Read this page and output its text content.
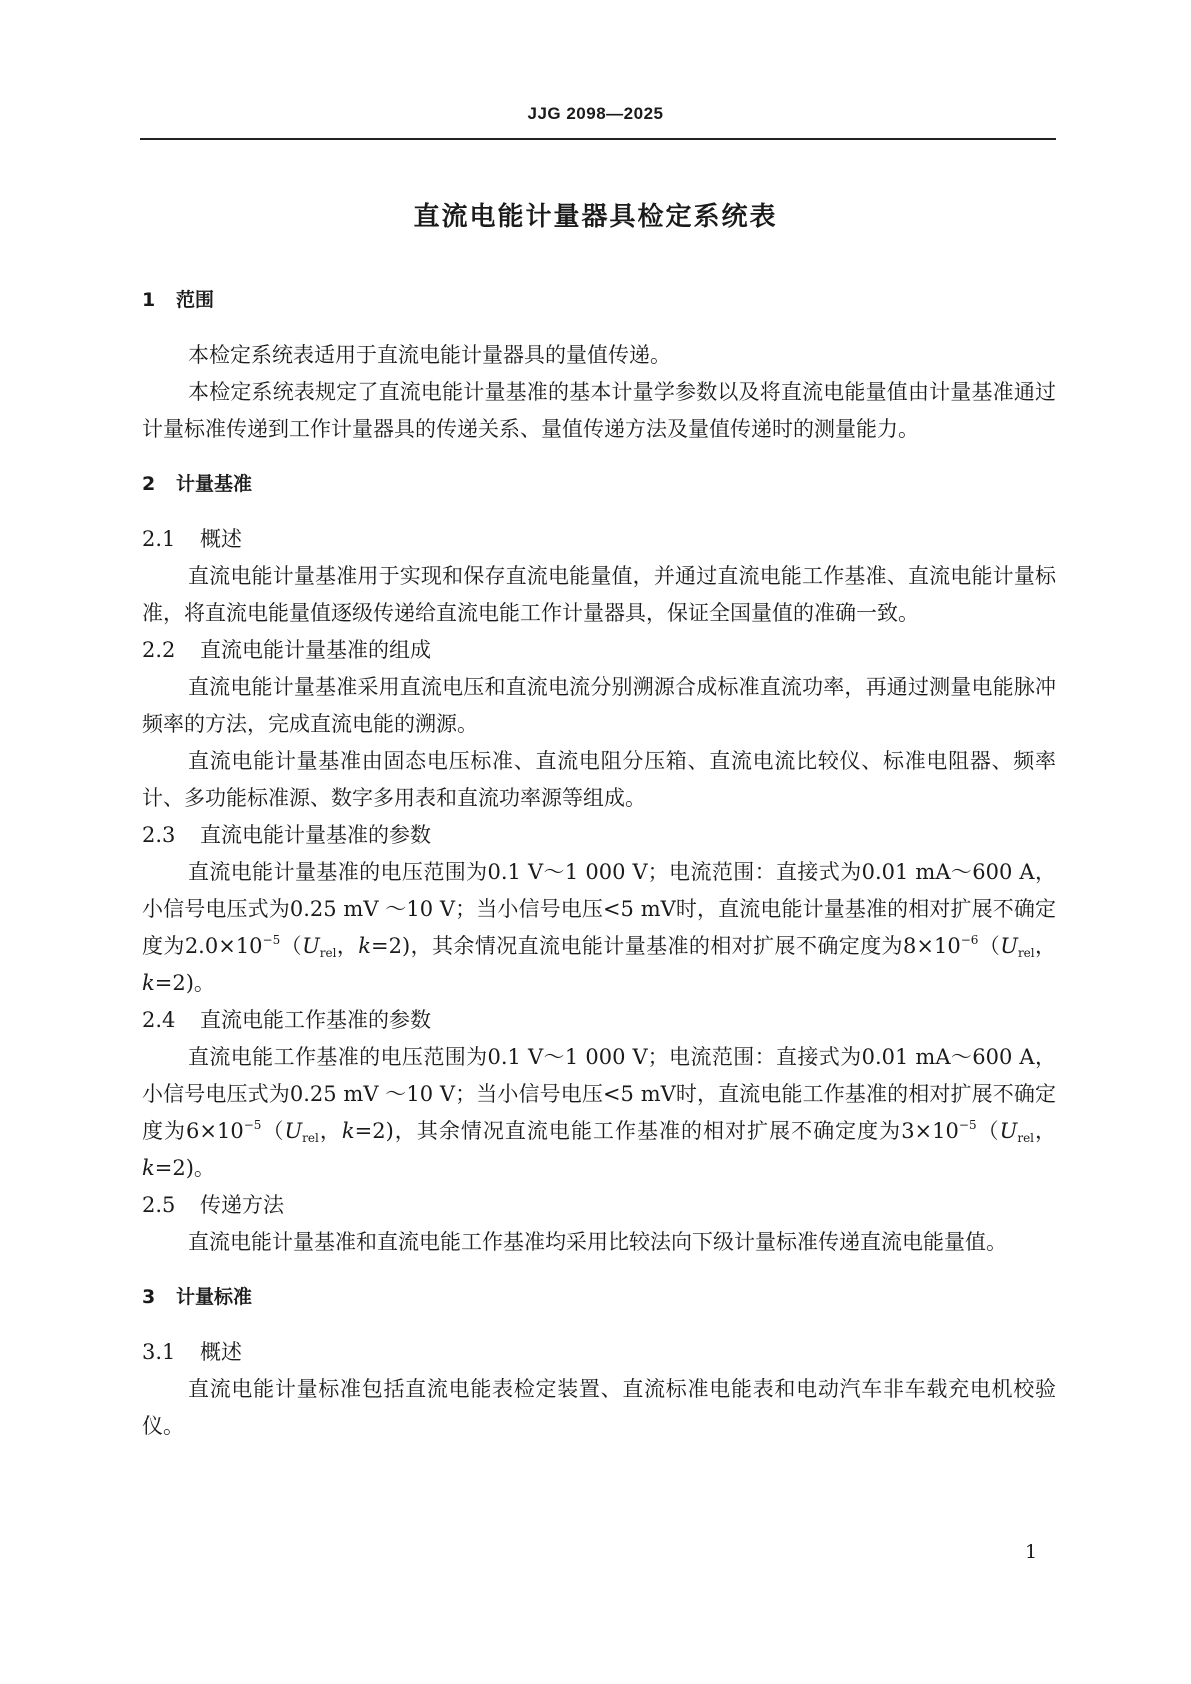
JJG 2098—2025
直流电能计量器具检定系统表

1 范围

本检定系统表适用于直流电能计量器具的量值传递。

本检定系统表规定了直流电能计量基准的基本计量学参数以及将直流电能量值由计量基准通过计量标准传递到工作计量器具的传递关系、量值传递方法及量值传递时的测量能力。

2 计量基准

2.1 概述

直流电能计量基准用于实现和保存直流电能量值，并通过直流电能工作基准、直流电能计量标准，将直流电能量值逐级传递给直流电能工作计量器具，保证全国量值的准确一致。

2.2 直流电能计量基准的组成

直流电能计量基准采用直流电压和直流电流分别溯源合成标准直流功率，再通过测量电能脉冲频率的方法，完成直流电能的溯源。

直流电能计量基准由固态电压标准、直流电阻分压箱、直流电流比较仪、标准电阻器、频率计、多功能标准源、数字多用表和直流功率源等组成。

2.3 直流电能计量基准的参数

直流电能计量基准的电压范围为0.1 V～1 000 V；电流范围：直接式为0.01 mA～600 A，小信号电压式为0.25 mV ～10 V；当小信号电压<5 mV时，直流电能计量基准的相对扩展不确定度为$2.0\times 10^{-5}(U_{rel}$，k=2)，其余情况直流电能计量基准的相对扩展不确定度为$8\times 10^{-6}(U_{rel}$，k=2)。

2.4 直流电能工作基准的参数

直流电能工作基准的电压范围为0.1 V～1 000 V；电流范围：直接式为0.01 mA～600 A，小信号电压式为0.25 mV ～10 V；当小信号电压<5 mV时，直流电能工作基准的相对扩展不确定度为$6\times 10^{-5}(U_{rel}$，k=2)，其余情况直流电能工作基准的相对扩展不确定度为$3\times 10^{-5}(U_{rel}$，k=2)。

2.5 传递方法

直流电能计量基准和直流电能工作基准均采用比较法向下级计量标准传递直流电能量值。

3 计量标准

3.1 概述

直流电能计量标准包括直流电能表检定装置、直流标准电能表和电动汽车非车载充电机校验仪。

1
